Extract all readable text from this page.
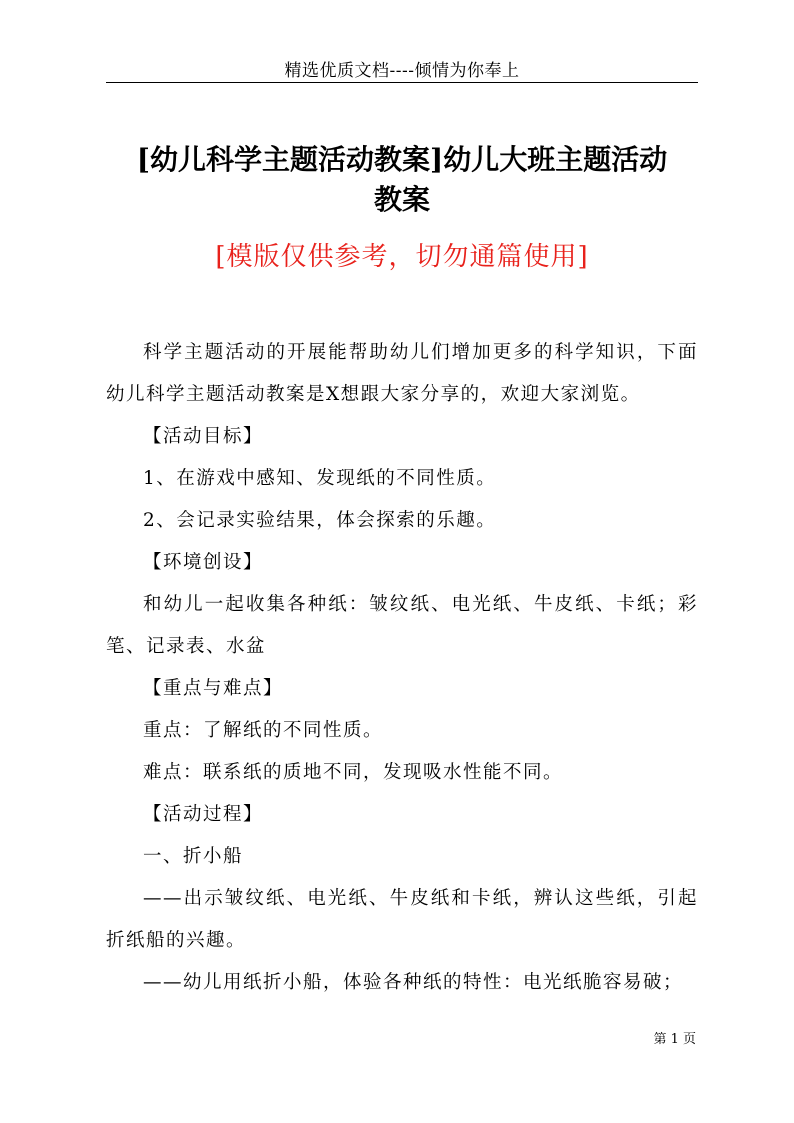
精选优质文档----倾情为你奉上
[幼儿科学主题活动教案]幼儿大班主题活动
教案
[模版仅供参考，切勿通篇使用]

科学主题活动的开展能帮助幼儿们增加更多的科学知识，下面幼儿科学主题活动教案是X想跟大家分享的，欢迎大家浏览。

【活动目标】

1、在游戏中感知、发现纸的不同性质。

2、会记录实验结果，体会探索的乐趣。

【环境创设】

和幼儿一起收集各种纸：皱纹纸、电光纸、牛皮纸、卡纸；彩笔、记录表、水盆

【重点与难点】

重点：了解纸的不同性质。

难点：联系纸的质地不同，发现吸水性能不同。

【活动过程】

一、折小船

——出示皱纹纸、电光纸、牛皮纸和卡纸，辨认这些纸，引起折纸船的兴趣。

——幼儿用纸折小船，体验各种纸的特性：电光纸脆容易破；

第 1 页
